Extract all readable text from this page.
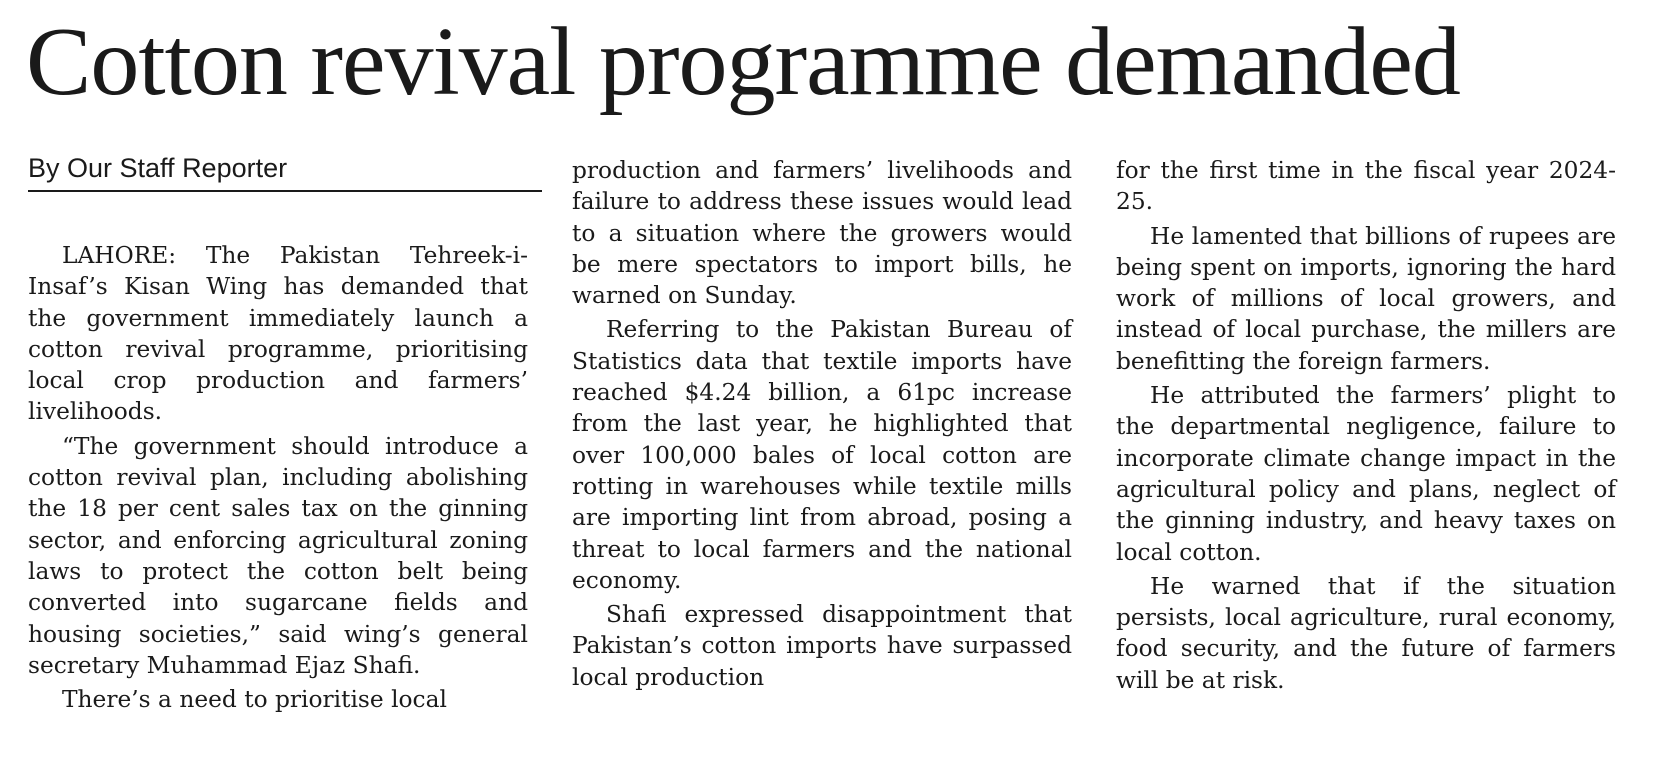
Cotton revival programme demanded
By Our Staff Reporter

LAHORE: The Pakistan Tehreek-i-Insaf’s Kisan Wing has demanded that the government immediately launch a cotton revival programme, prioritising local crop production and farmers’ livelihoods.

“The government should introduce a cotton revival plan, including abolishing the 18 per cent sales tax on the ginning sector, and enforcing agricultural zoning laws to protect the cotton belt being converted into sugarcane fields and housing societies,” said wing’s general secretary Muhammad Ejaz Shafi.

There’s a need to prioritise local

production and farmers’ livelihoods and failure to address these issues would lead to a situation where the growers would be mere spectators to import bills, he warned on Sunday.

Referring to the Pakistan Bureau of Statistics data that textile imports have reached $4.24 billion, a 61pc increase from the last year, he highlighted that over 100,000 bales of local cotton are rotting in warehouses while textile mills are importing lint from abroad, posing a threat to local farmers and the national economy.

Shafi expressed disappointment that Pakistan’s cotton imports have surpassed local production

for the first time in the fiscal year 2024-25.

He lamented that billions of rupees are being spent on imports, ignoring the hard work of millions of local growers, and instead of local purchase, the millers are benefitting the foreign farmers.

He attributed the farmers’ plight to the departmental negligence, failure to incorporate climate change impact in the agricultural policy and plans, neglect of the ginning industry, and heavy taxes on local cotton.

He warned that if the situation persists, local agriculture, rural economy, food security, and the future of farmers will be at risk.
